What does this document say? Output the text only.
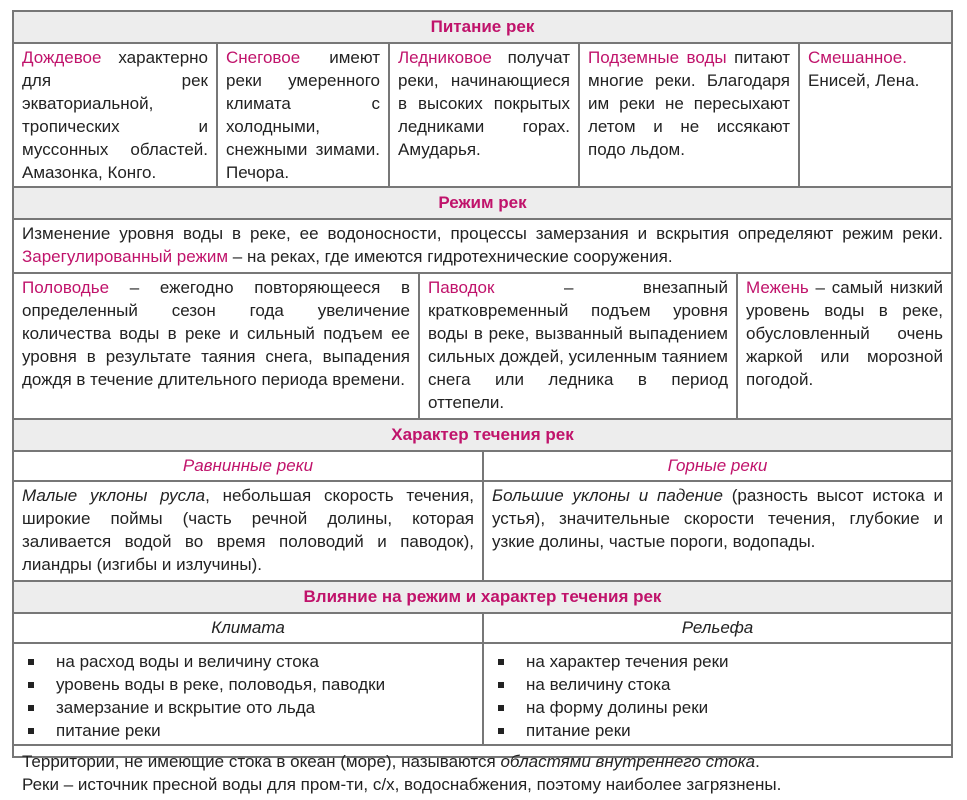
Питание рек
Дождевое характерно для рек экваториальной, тропических и муссонных областей. Амазонка, Конго.
Снеговое имеют реки умеренного климата с холодными, снежными зимами. Печора.
Ледниковое получат реки, начинающиеся в высоких покрытых ледниками горах. Амударья.
Подземные воды питают многие реки. Благодаря им реки не пересыхают летом и не иссякают подо льдом.
Смешанное. Енисей, Лена.
Режим рек
Изменение уровня воды в реке, ее водоносности, процессы замерзания и вскрытия определяют режим реки. Зарегулированный режим – на реках, где имеются гидротехнические сооружения.
Половодье – ежегодно повторяющееся в определенный сезон года увеличение количества воды в реке и сильный подъем ее уровня в результате таяния снега, выпадения дождя в течение длительного периода времени.
Паводок – внезапный кратковременный подъем уровня воды в реке, вызванный выпадением сильных дождей, усиленным таянием снега или ледника в период оттепели.
Межень – самый низкий уровень воды в реке, обусловленный очень жаркой или морозной погодой.
Характер течения рек
Равнинные реки	Горные реки
Малые уклоны русла, небольшая скорость течения, широкие поймы (часть речной долины, которая заливается водой во время половодий и паводок), лиандры (изгибы и излучины).
Большие уклоны и падение (разность высот истока и устья), значительные скорости течения, глубокие и узкие долины, частые пороги, водопады.
Влияние на режим и характер течения рек
Климата	Рельефа
на расход воды и величину стока
уровень воды в реке, половодья, паводки
замерзание и вскрытие ото льда
питание реки
на характер течения реки
на величину стока
на форму долины реки
питание реки
Территории, не имеющие стока в океан (море), называются областями внутреннего стока.
Реки – источник пресной воды для пром-ти, с/х, водоснабжения, поэтому наиболее загрязнены.
